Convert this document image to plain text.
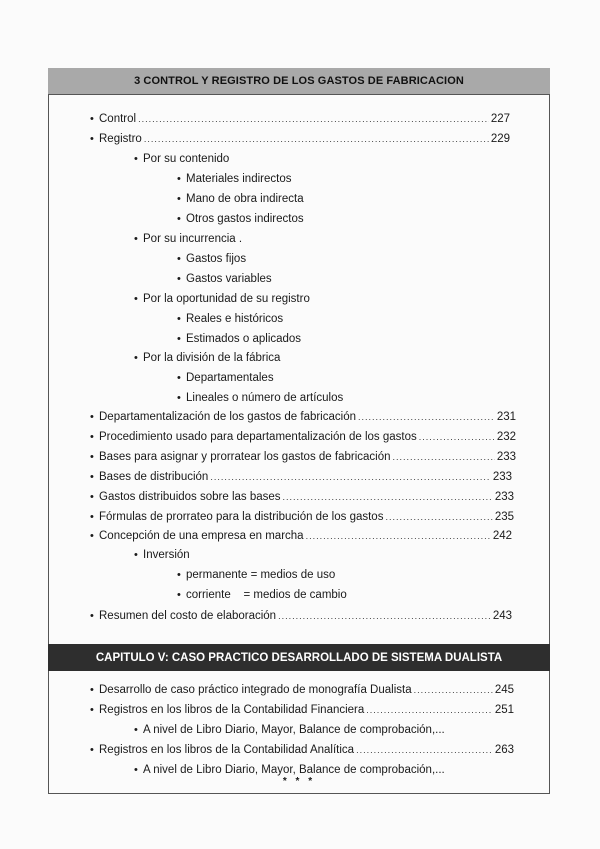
3 CONTROL Y REGISTRO DE LOS GASTOS DE FABRICACION
• Control .....	227
• Registro .....	229
• Por su contenido
• Materiales indirectos
• Mano de obra indirecta
• Otros gastos indirectos
• Por su incurrencia .
• Gastos fijos
• Gastos variables
• Por la oportunidad de su registro
• Reales e históricos
• Estimados o aplicados
• Por la división de la fábrica
• Departamentales
• Lineales o número de artículos
• Departamentalización de los gastos de fabricación .....	231
• Procedimiento usado para departamentalización de los gastos .....	232
• Bases para asignar y prorratear los gastos de fabricación .....	233
• Bases de distribución .....	233
• Gastos distribuidos sobre las bases .....	233
• Fórmulas de prorrateo para la distribución de los gastos .....	235
• Concepción de una empresa en marcha .....	242
• Inversión
• permanente = medios de uso
• corriente    = medios de cambio
• Resumen del costo de elaboración .....	243
CAPITULO V: CASO PRACTICO DESARROLLADO DE SISTEMA DUALISTA
• Desarrollo de caso práctico integrado de monografía Dualista .....	245
• Registros en los libros de la Contabilidad Financiera .....	251
• A nivel de Libro Diario, Mayor, Balance de comprobación,...
• Registros en los libros de la Contabilidad Analítica .....	263
• A nivel de Libro Diario, Mayor, Balance de comprobación,...
* * *
